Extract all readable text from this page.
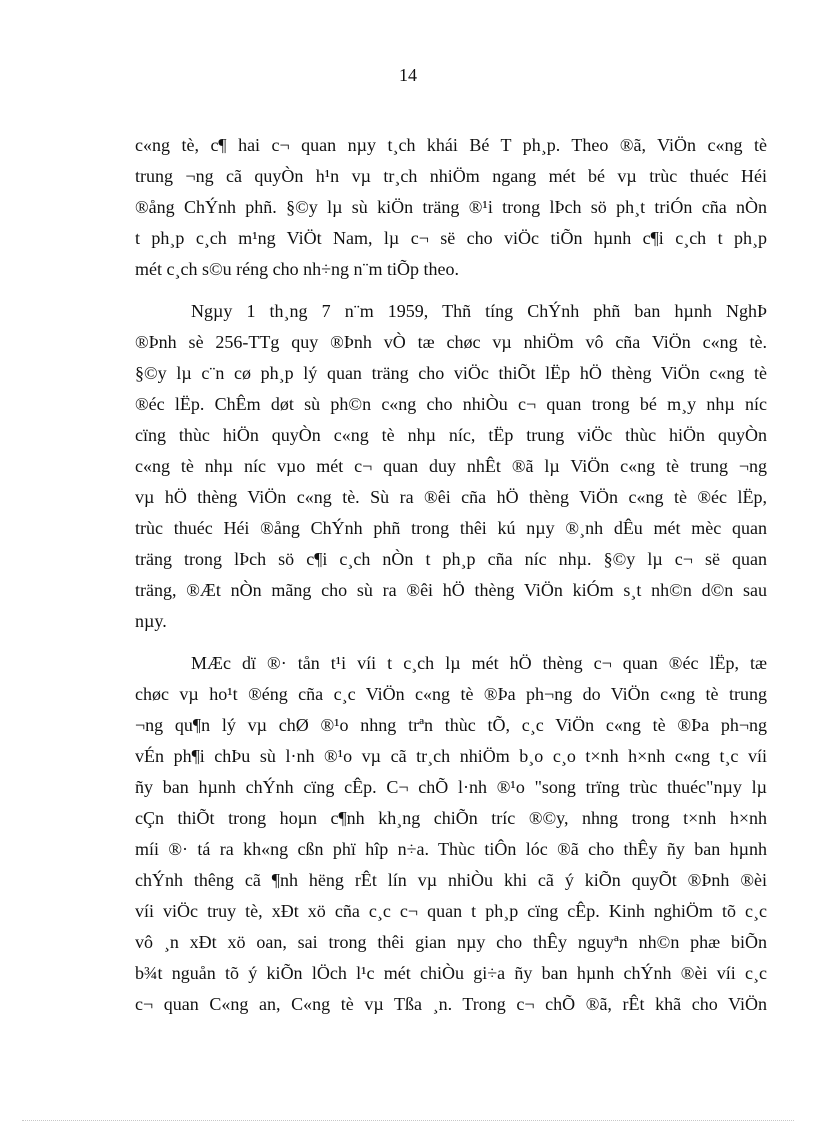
14
c«ng tè, c¶ hai c¬ quan nµy t¸ch khái Bé T ph¸p. Theo ®ã, ViÖn c«ng tè
trung ¬ng cã quyÒn h¹n vµ tr¸ch nhiÖm ngang mét bé vµ trùc thuéc Héi
®ång ChÝnh phñ. §©y lµ sù kiÖn träng ®¹i trong lÞch sö ph¸t triÓn cña nÒn
t ph¸p c¸ch m¹ng ViÖt Nam, lµ c¬ së cho viÖc tiÕn hµnh c¶i c¸ch t ph¸p
mét c¸ch s©u réng cho nh÷ng n¨m tiÕp theo.
Ngµy 1 th¸ng 7 n¨m 1959, Thñ tíng ChÝnh phñ ban hµnh NghÞ
®Þnh sè 256-TTg quy ®Þnh vÒ tæ chøc vµ nhiÖm vô cña ViÖn c«ng tè.
§©y lµ c¨n cø ph¸p lý quan träng cho viÖc thiÕt lËp hÖ thèng ViÖn c«ng tè
®éc lËp. ChÊm døt sù ph©n c«ng cho nhiÒu c¬ quan trong bé m¸y nhµ níc
cïng thùc hiÖn quyÒn c«ng tè nhµ níc, tËp trung viÖc thùc hiÖn quyÒn
c«ng tè nhµ níc vµo mét c¬ quan duy nhÊt ®ã lµ ViÖn c«ng tè trung ¬ng
vµ hÖ thèng ViÖn c«ng tè. Sù ra ®êi cña hÖ thèng ViÖn c«ng tè ®éc lËp,
trùc thuéc Héi ®ång ChÝnh phñ trong thêi kú nµy ®¸nh dÊu mét mèc quan
träng trong lÞch sö c¶i c¸ch nÒn t ph¸p cña níc nhµ. §©y lµ c¬ së quan
träng, ®Æt nÒn mãng cho sù ra ®êi hÖ thèng ViÖn kiÓm s¸t nh©n d©n sau
nµy.
MÆc dï ®· tån t¹i víi t c¸ch lµ mét hÖ thèng c¬ quan ®éc lËp, tæ
chøc vµ ho¹t ®éng cña c¸c ViÖn c«ng tè ®Þa ph¬ng do ViÖn c«ng tè trung
¬ng qu¶n lý vµ chØ ®¹o nhng trªn thùc tÕ, c¸c ViÖn c«ng tè ®Þa ph¬ng
vÉn ph¶i chÞu sù l·nh ®¹o vµ cã tr¸ch nhiÖm b¸o c¸o t×nh h×nh c«ng t¸c víi
ñy ban hµnh chÝnh cïng cÊp. C¬ chÕ l·nh ®¹o "song trïng trùc thuéc"nµy lµ
cÇn thiÕt trong hoµn c¶nh kh¸ng chiÕn tríc ®©y, nhng trong t×nh h×nh
míi ®· tá ra kh«ng cßn phï hîp n÷a. Thùc tiÔn lóc ®ã cho thÊy ñy ban hµnh
chÝnh thêng cã ¶nh hëng rÊt lín vµ nhiÒu khi cã ý kiÕn quyÕt ®Þnh ®èi
víi viÖc truy tè, xÐt xö cña c¸c c¬ quan t ph¸p cïng cÊp. Kinh nghiÖm tõ c¸c
vô ¸n xÐt xö oan, sai trong thêi gian nµy cho thÊy nguyªn nh©n phæ biÕn
b¾t nguån tõ ý kiÕn lÖch l¹c mét chiÒu gi÷a ñy ban hµnh chÝnh ®èi víi c¸c
c¬ quan C«ng an, C«ng tè vµ Tßa ¸n. Trong c¬ chÕ ®ã, rÊt khã cho ViÖn
